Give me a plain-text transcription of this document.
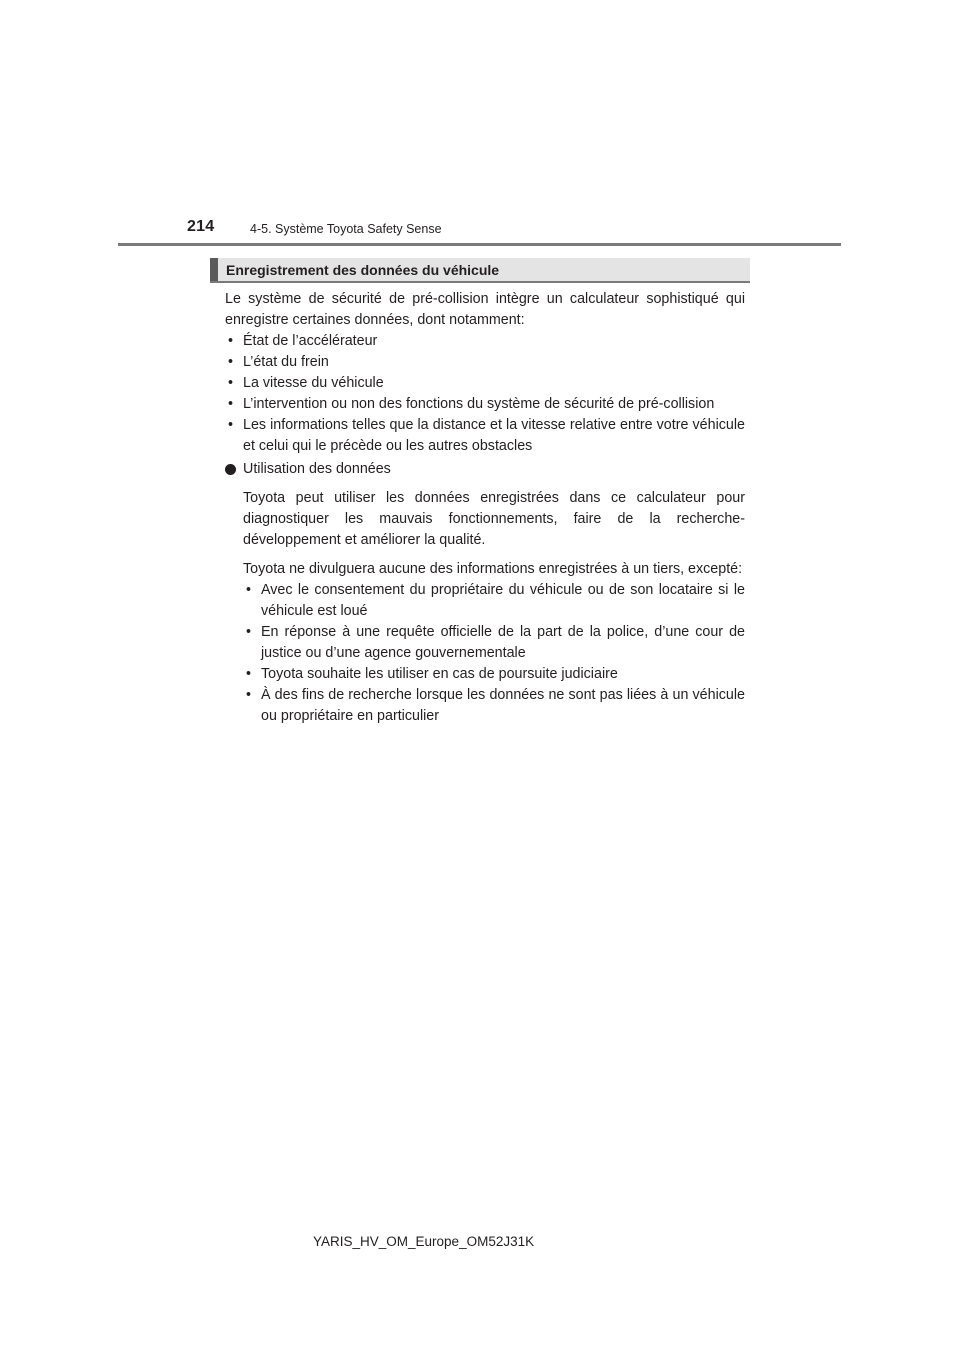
214	4-5. Système Toyota Safety Sense
Enregistrement des données du véhicule

Le système de sécurité de pré-collision intègre un calculateur sophistiqué qui enregistre certaines données, dont notamment:

• État de l’accélérateur
• L’état du frein
• La vitesse du véhicule
• L’intervention ou non des fonctions du système de sécurité de pré-collision
• Les informations telles que la distance et la vitesse relative entre votre véhicule et celui qui le précède ou les autres obstacles
Utilisation des données

Toyota peut utiliser les données enregistrées dans ce calculateur pour diagnostiquer les mauvais fonctionnements, faire de la recherche-développement et améliorer la qualité.

Toyota ne divulguera aucune des informations enregistrées à un tiers, excepté:

• Avec le consentement du propriétaire du véhicule ou de son locataire si le véhicule est loué
• En réponse à une requête officielle de la part de la police, d’une cour de justice ou d’une agence gouvernementale
• Toyota souhaite les utiliser en cas de poursuite judiciaire
• À des fins de recherche lorsque les données ne sont pas liées à un véhicule ou propriétaire en particulier
YARIS_HV_OM_Europe_OM52J31K
